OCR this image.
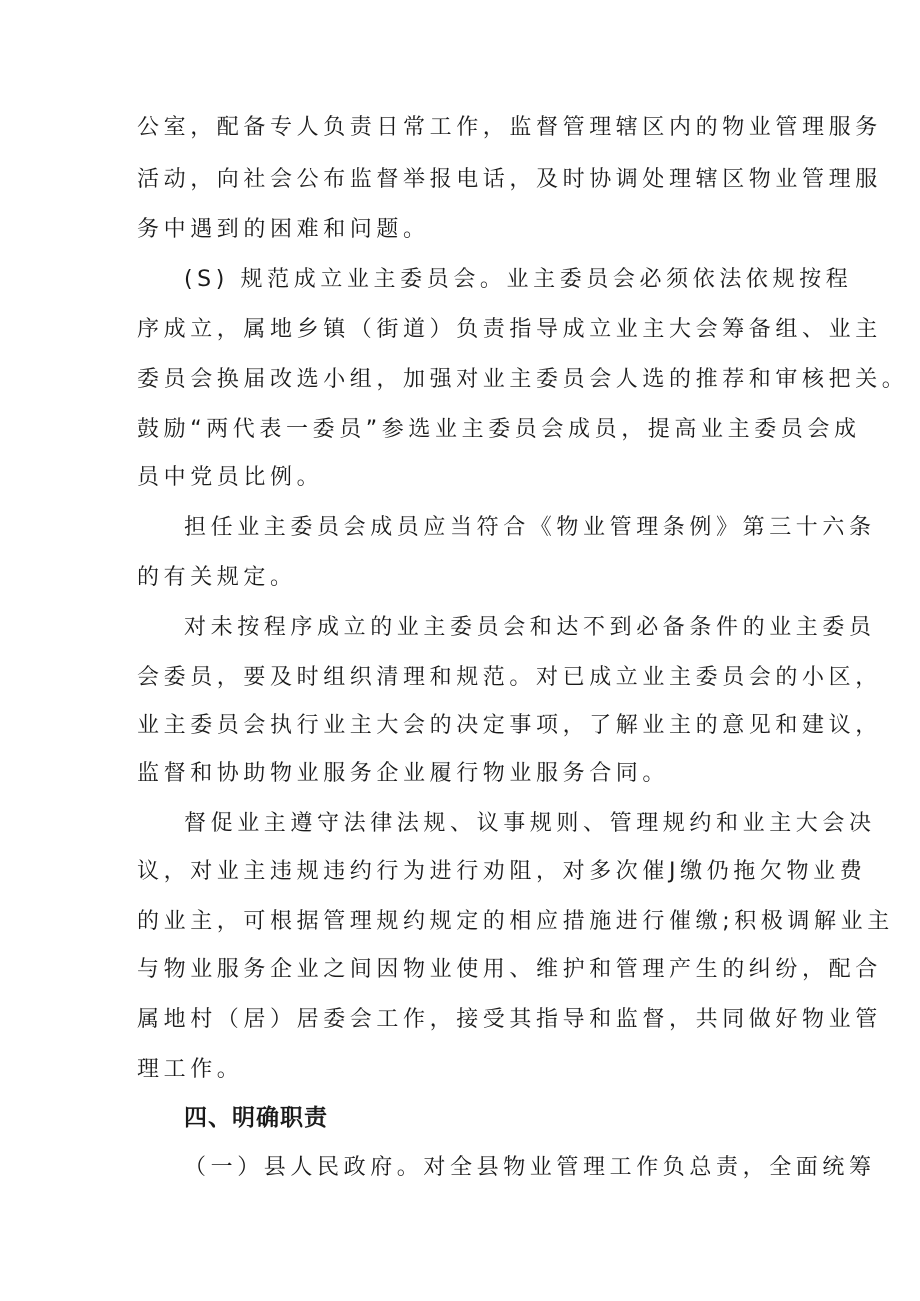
公室，配备专人负责日常工作，监督管理辖区内的物业管理服务
活动，向社会公布监督举报电话，及时协调处理辖区物业管理服
务中遇到的困难和问题。
(S) 规范成立业主委员会。业主委员会必须依法依规按程
序成立，属地乡镇（街道）负责指导成立业主大会筹备组、业主
委员会换届改选小组，加强对业主委员会人选的推荐和审核把关。
鼓励“两代表一委员”参选业主委员会成员，提高业主委员会成
员中党员比例。
担任业主委员会成员应当符合《物业管理条例》第三十六条
的有关规定。
对未按程序成立的业主委员会和达不到必备条件的业主委员
会委员，要及时组织清理和规范。对已成立业主委员会的小区，
业主委员会执行业主大会的决定事项，了解业主的意见和建议，
监督和协助物业服务企业履行物业服务合同。
督促业主遵守法律法规、议事规则、管理规约和业主大会决
议，对业主违规违约行为进行劝阻，对多次催J缴仍拖欠物业费
的业主，可根据管理规约规定的相应措施进行催缴;积极调解业主
与物业服务企业之间因物业使用、维护和管理产生的纠纷，配合
属地村（居）居委会工作，接受其指导和监督，共同做好物业管
理工作。
四、明确职责
（一）县人民政府。对全县物业管理工作负总责，全面统筹
